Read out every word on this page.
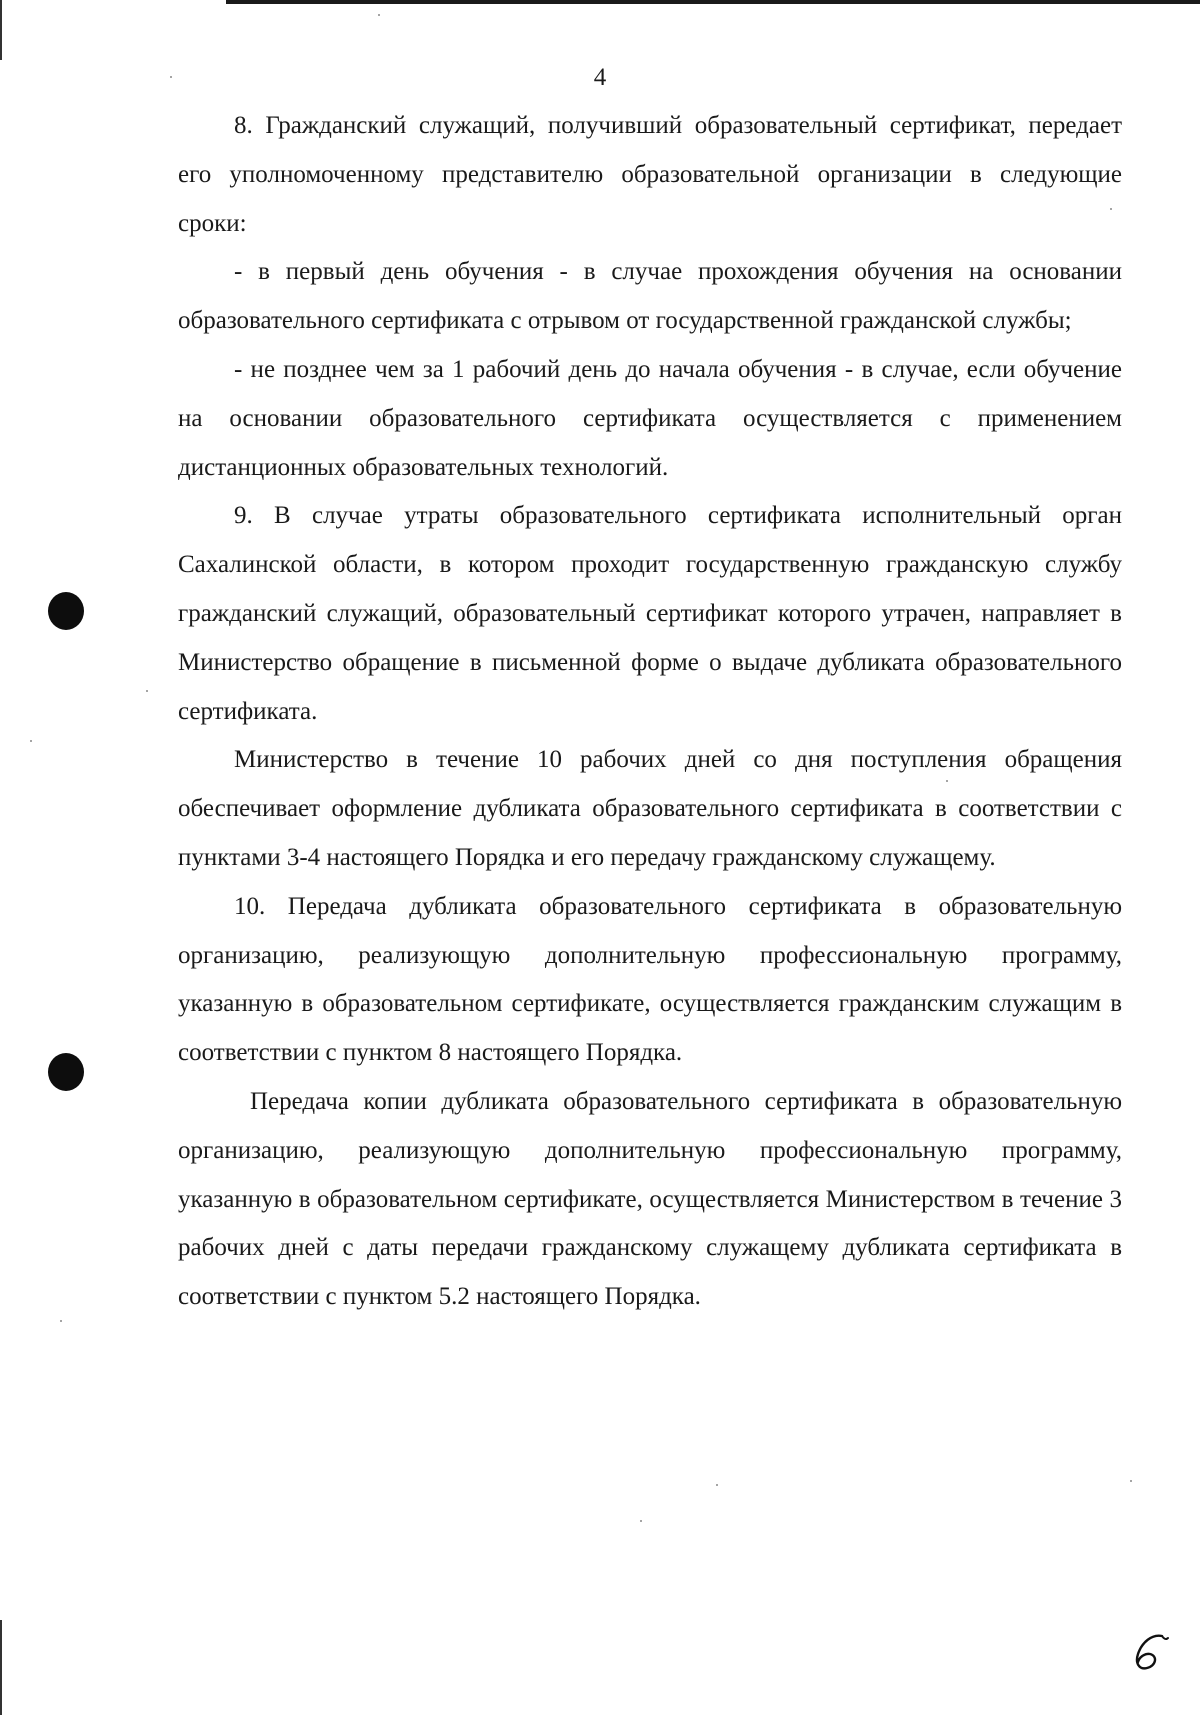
4

8. Гражданский служащий, получивший образовательный сертификат, передает его уполномоченному представителю образовательной организации в следующие сроки:

- в первый день обучения - в случае прохождения обучения на основании образовательного сертификата с отрывом от государственной гражданской службы;

- не позднее чем за 1 рабочий день до начала обучения - в случае, если обучение на основании образовательного сертификата осуществляется с применением дистанционных образовательных технологий.

9. В случае утраты образовательного сертификата исполнительный орган Сахалинской области, в котором проходит государственную гражданскую службу гражданский служащий, образовательный сертификат которого утрачен, направляет в Министерство обращение в письменной форме о выдаче дубликата образовательного сертификата.

Министерство в течение 10 рабочих дней со дня поступления обращения обеспечивает оформление дубликата образовательного сертификата в соответствии с пунктами 3-4 настоящего Порядка и его передачу гражданскому служащему.

10. Передача дубликата образовательного сертификата в образовательную организацию, реализующую дополнительную профессиональную программу, указанную в образовательном сертификате, осуществляется гражданским служащим в соответствии с пунктом 8 настоящего Порядка.

Передача копии дубликата образовательного сертификата в образовательную организацию, реализующую дополнительную профессиональную программу, указанную в образовательном сертификате, осуществляется Министерством в течение 3 рабочих дней с даты передачи гражданскому служащему дубликата сертификата в соответствии с пунктом 5.2 настоящего Порядка.
